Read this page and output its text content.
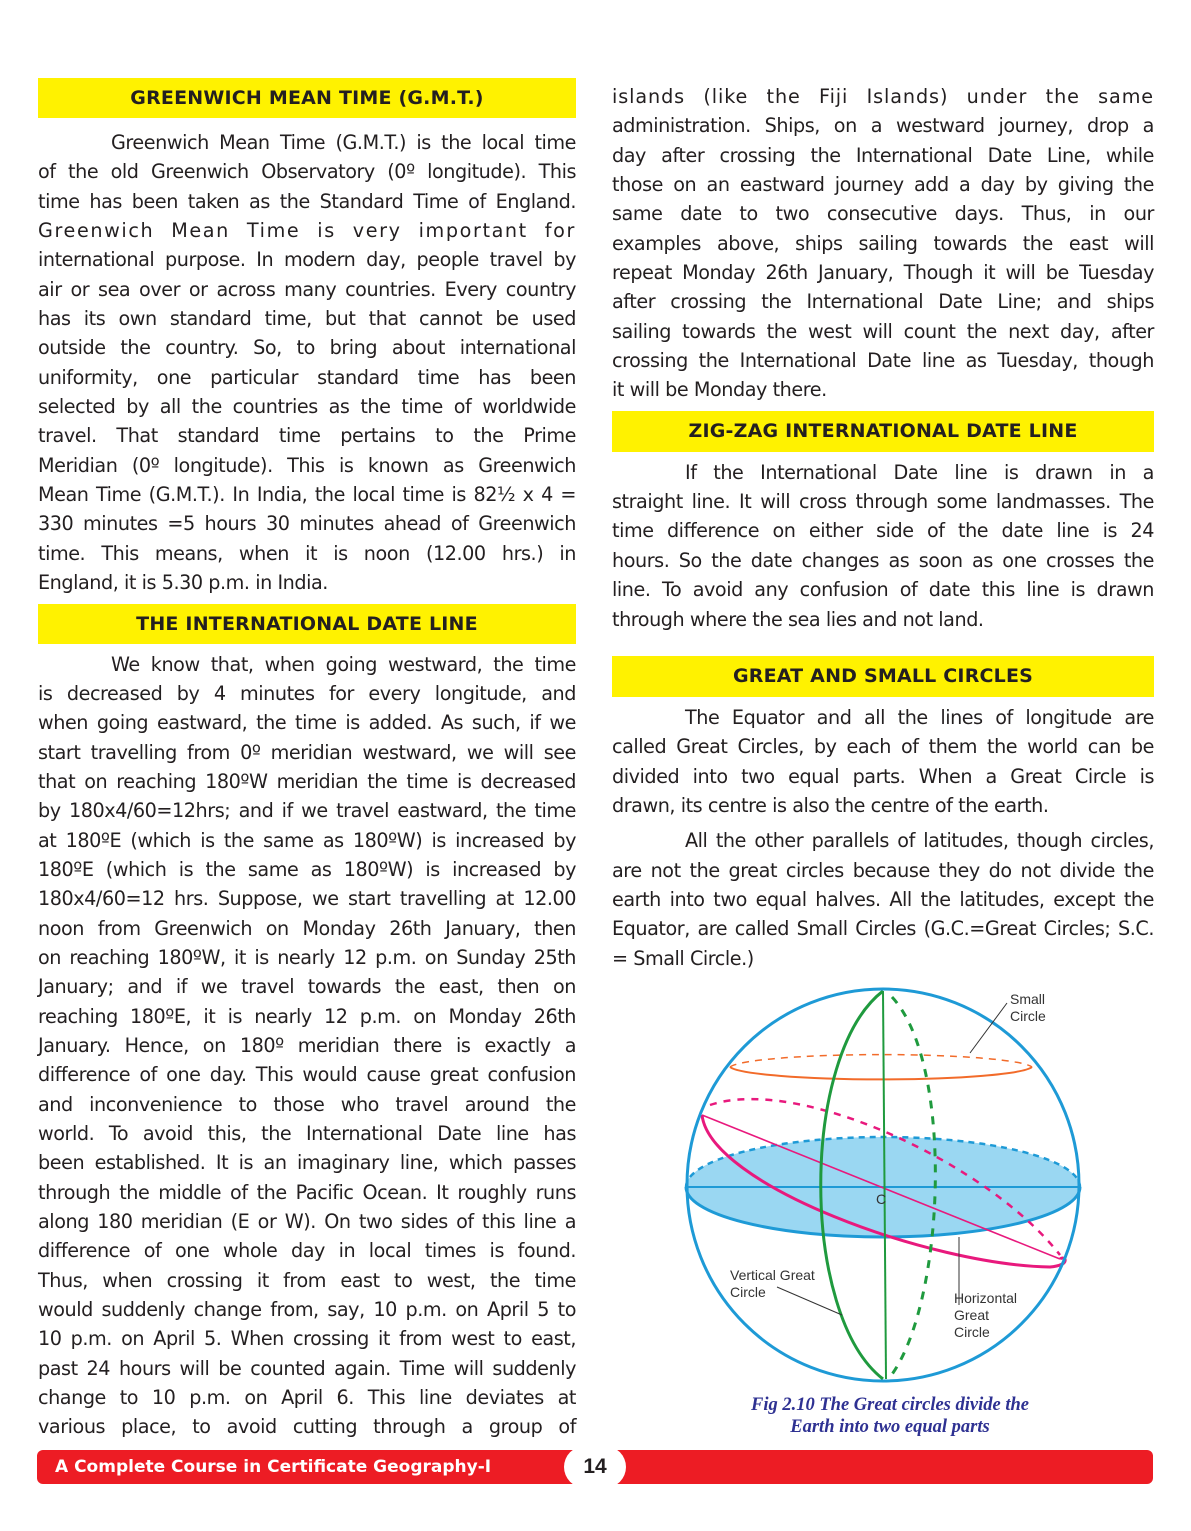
GREENWICH MEAN TIME (G.M.T.)
Greenwich Mean Time (G.M.T.) is the local time
of the old Greenwich Observatory (0º longitude). This
time has been taken as the Standard Time of England.
Greenwich Mean Time is very important for
international purpose. In modern day, people travel by
air or sea over or across many countries. Every country
has its own standard time, but that cannot be used
outside the country. So, to bring about international
uniformity, one particular standard time has been
selected by all the countries as the time of worldwide
travel. That standard time pertains to the Prime
Meridian (0º longitude). This is known as Greenwich
Mean Time (G.M.T.). In India, the local time is 82½ x 4 =
330 minutes =5 hours 30 minutes ahead of Greenwich
time. This means, when it is noon (12.00 hrs.) in
England, it is 5.30 p.m. in India.
THE INTERNATIONAL DATE LINE
We know that, when going westward, the time
is decreased by 4 minutes for every longitude, and
when going eastward, the time is added. As such, if we
start travelling from 0º meridian westward, we will see
that on reaching 180ºW meridian the time is decreased
by 180x4/60=12hrs; and if we travel eastward, the time
at 180ºE (which is the same as 180ºW) is increased by
180ºE (which is the same as 180ºW) is increased by
180x4/60=12 hrs. Suppose, we start travelling at 12.00
noon from Greenwich on Monday 26th January, then
on reaching 180ºW, it is nearly 12 p.m. on Sunday 25th
January; and if we travel towards the east, then on
reaching 180ºE, it is nearly 12 p.m. on Monday 26th
January. Hence, on 180º meridian there is exactly a
difference of one day. This would cause great confusion
and inconvenience to those who travel around the
world. To avoid this, the International Date line has
been established. It is an imaginary line, which passes
through the middle of the Pacific Ocean. It roughly runs
along 180 meridian (E or W). On two sides of this line a
difference of one whole day in local times is found.
Thus, when crossing it from east to west, the time
would suddenly change from, say, 10 p.m. on April 5 to
10 p.m. on April 5. When crossing it from west to east,
past 24 hours will be counted again. Time will suddenly
change to 10 p.m. on April 6. This line deviates at
various place, to avoid cutting through a group of
islands (like the Fiji Islands) under the same
administration. Ships, on a westward journey, drop a
day after crossing the International Date Line, while
those on an eastward journey add a day by giving the
same date to two consecutive days. Thus, in our
examples above, ships sailing towards the east will
repeat Monday 26th January, Though it will be Tuesday
after crossing the International Date Line; and ships
sailing towards the west will count the next day, after
crossing the International Date line as Tuesday, though
it will be Monday there.
ZIG-ZAG INTERNATIONAL DATE LINE
If the International Date line is drawn in a
straight line. It will cross through some landmasses. The
time difference on either side of the date line is 24
hours. So the date changes as soon as one crosses the
line. To avoid any confusion of date this line is drawn
through where the sea lies and not land.
GREAT AND SMALL CIRCLES
The Equator and all the lines of longitude are
called Great Circles, by each of them the world can be
divided into two equal parts. When a Great Circle is
drawn, its centre is also the centre of the earth.
All the other parallels of latitudes, though circles,
are not the great circles because they do not divide the
earth into two equal halves. All the latitudes, except the
Equator, are called Small Circles (G.C.=Great Circles; S.C.
= Small Circle.)
Small
Circle
Vertical Great
Circle	Horizontal
Great
Circle
C
Fig 2.10 The Great circles divide the
Earth into two equal parts
A Complete Course in Certificate Geography-I	14
